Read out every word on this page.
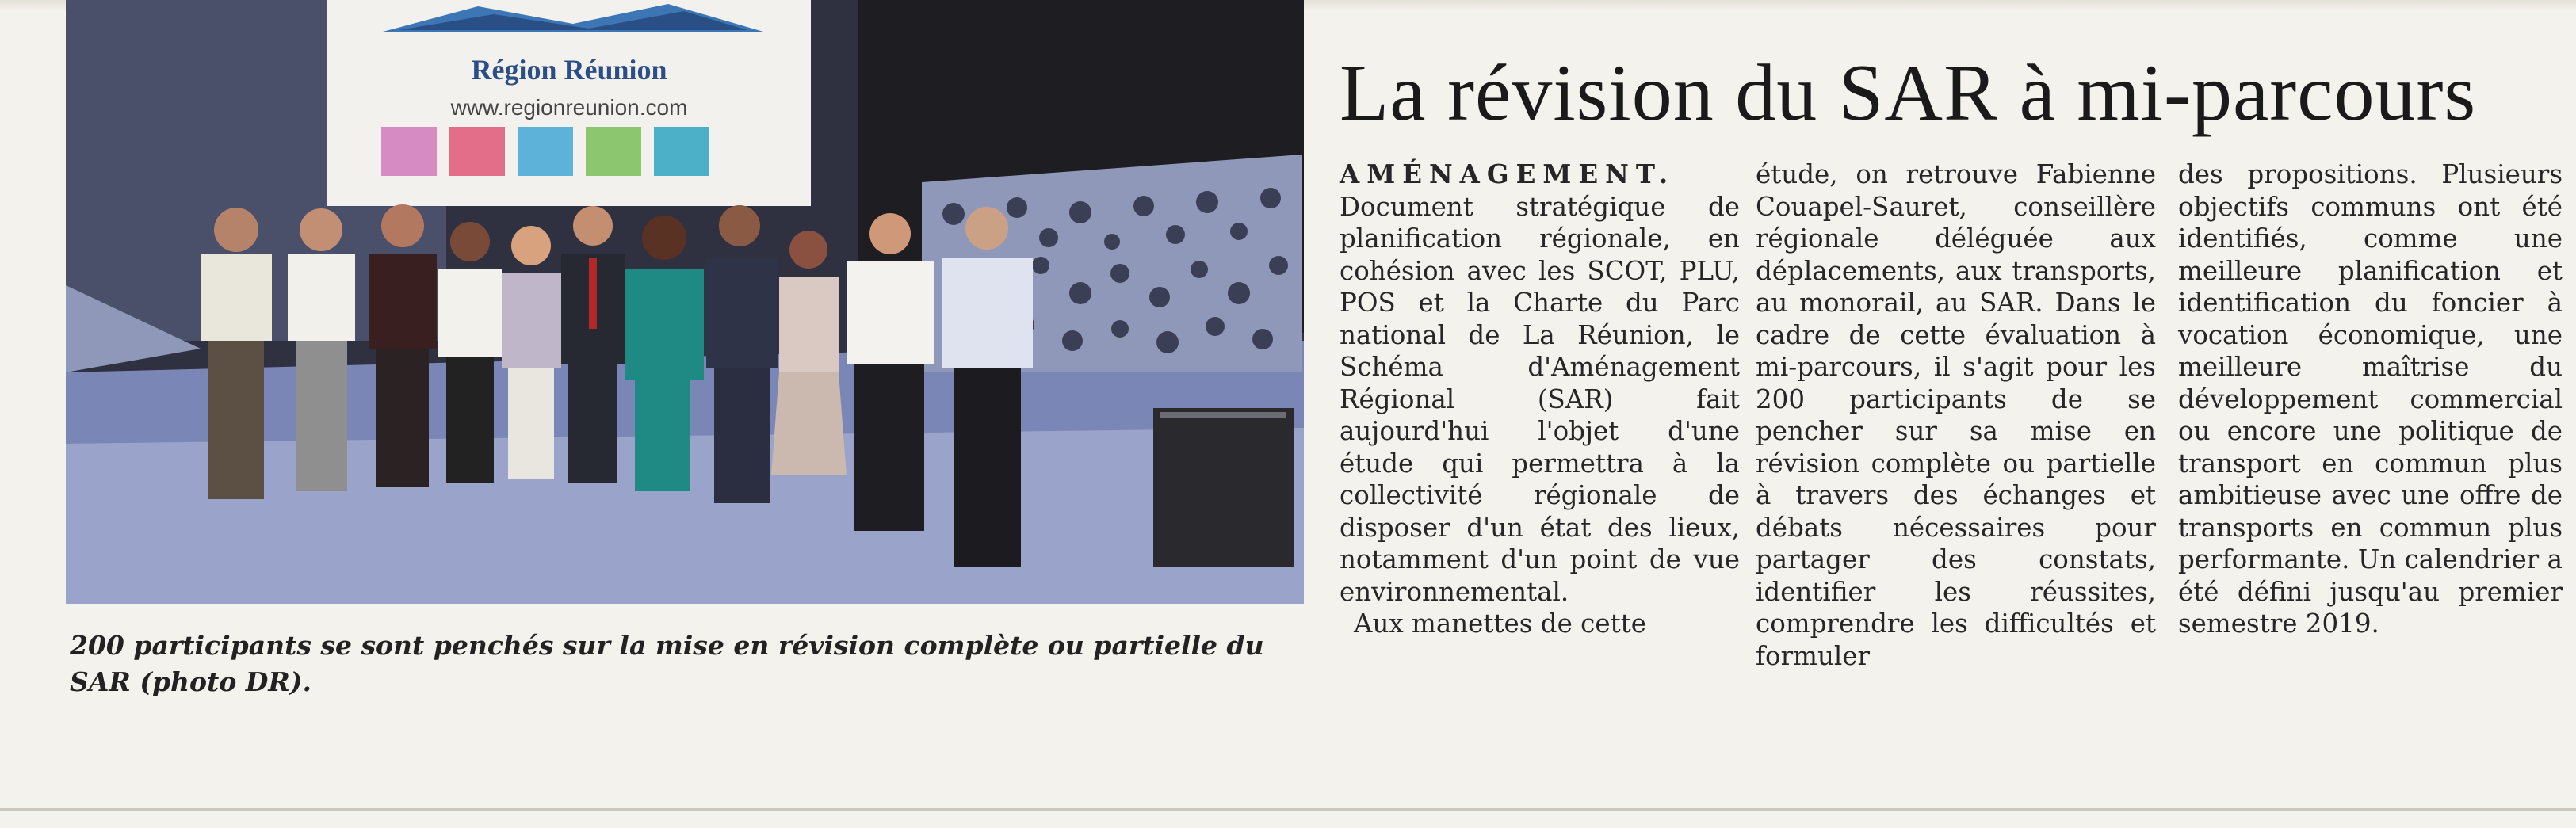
Région Réunion
www.regionreunion.com
200 participants se sont penchés sur la mise en révision complète ou partielle du SAR (photo DR).
La révision du SAR à mi-parcours

AMÉNAGEMENT. Document stratégique de planification régionale, en cohésion avec les SCOT, PLU, POS et la Charte du Parc national de La Réunion, le Schéma d'Aménagement Régional (SAR) fait aujourd'hui l'objet d'une étude qui permettra à la collectivité régionale de disposer d'un état des lieux, notamment d'un point de vue environnemental.

Aux manettes de cette

étude, on retrouve Fabienne Couapel-Sauret, conseillère régionale déléguée aux déplacements, aux transports, au monorail, au SAR. Dans le cadre de cette évaluation à mi-parcours, il s'agit pour les 200 participants de se pencher sur sa mise en révision complète ou partielle à travers des échanges et débats nécessaires pour partager des constats, identifier les réussites, comprendre les difficultés et formuler

des propositions. Plusieurs objectifs communs ont été identifiés, comme une meilleure planification et identification du foncier à vocation économique, une meilleure maîtrise du développement commercial ou encore une politique de transport en commun plus ambitieuse avec une offre de transports en commun plus performante. Un calendrier a été défini jusqu'au premier semestre 2019.
